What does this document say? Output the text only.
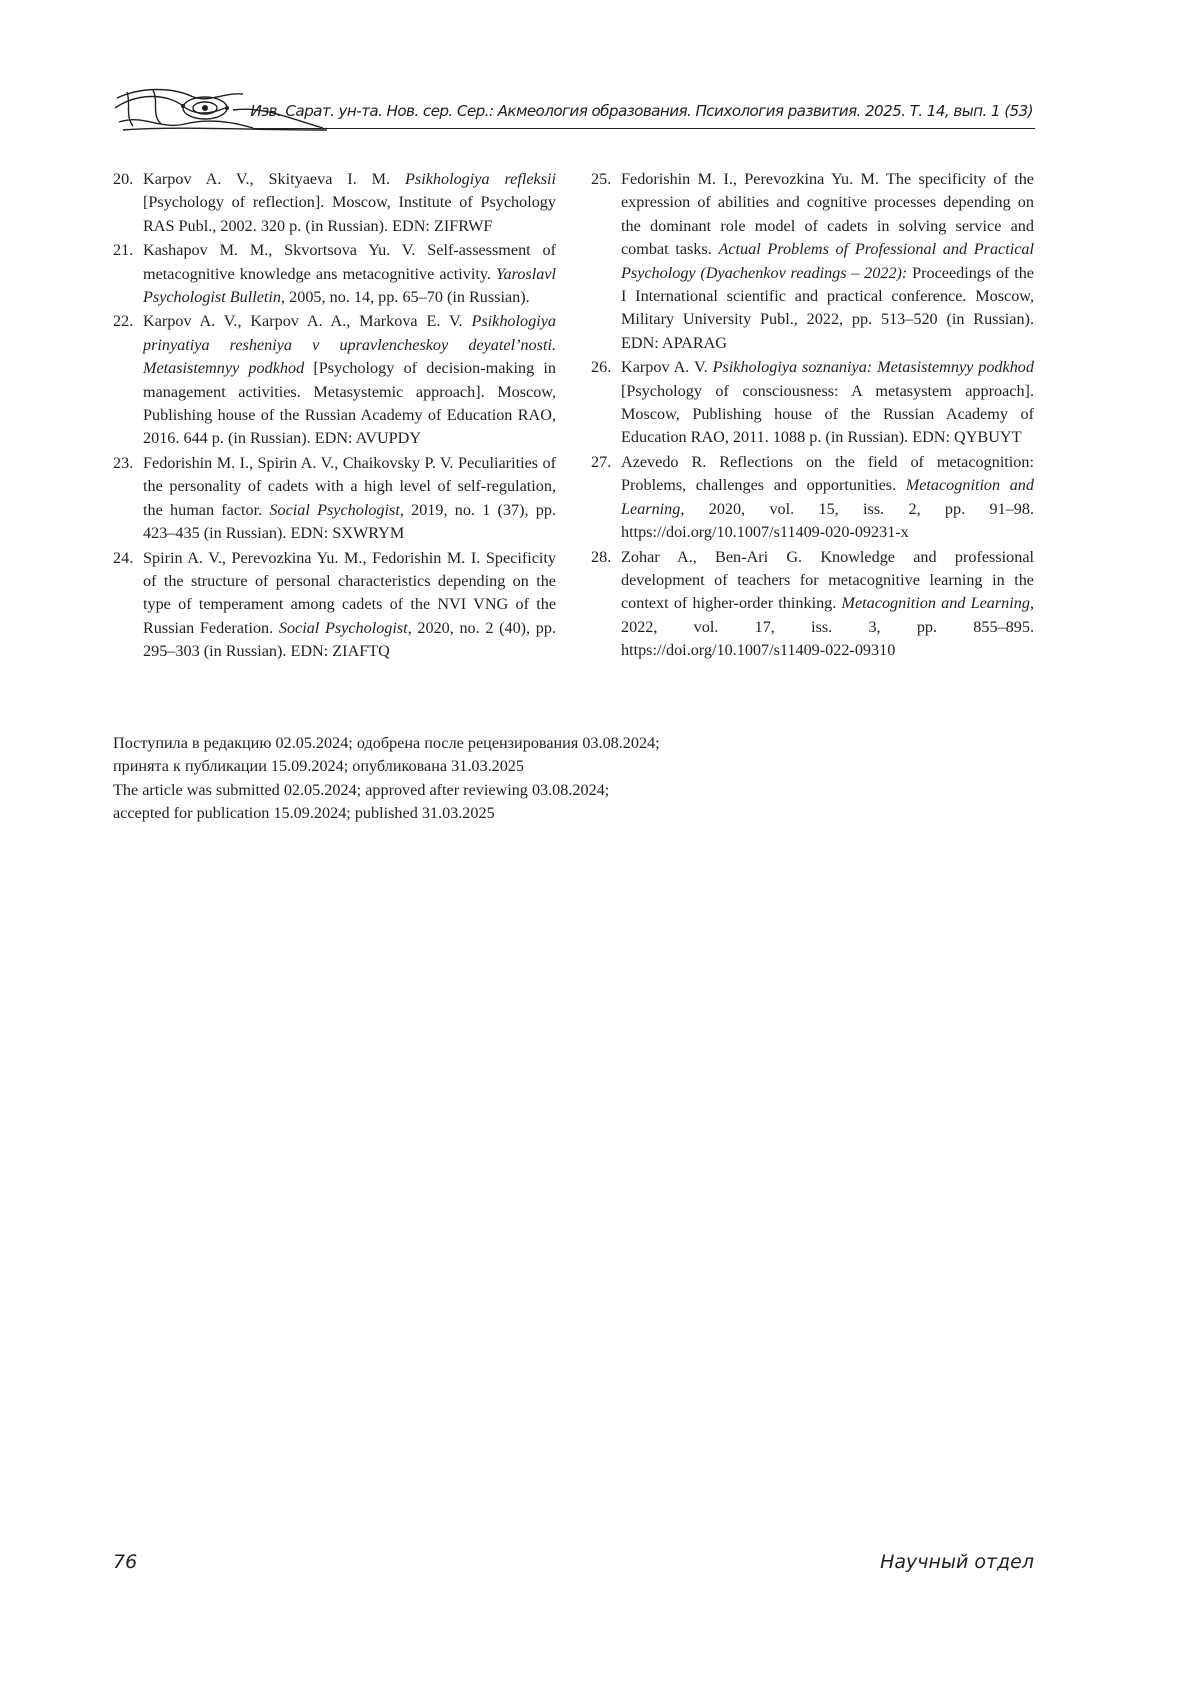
Изв. Сарат. ун-та. Нов. сер. Сер.: Акмеология образования. Психология развития. 2025. Т. 14, вып. 1 (53)
20. Karpov A. V., Skityaeva I. M. Psikhologiya refleksii [Psychology of reflection]. Moscow, Institute of Psychology RAS Publ., 2002. 320 p. (in Russian). EDN: ZIFRWF
21. Kashapov M. M., Skvortsova Yu. V. Self-assessment of metacognitive knowledge ans metacognitive activity. Yaroslavl Psychologist Bulletin, 2005, no. 14, pp. 65–70 (in Russian).
22. Karpov A. V., Karpov A. A., Markova E. V. Psikhologiya prinyatiya resheniya v upravlencheskoy deyatel’nosti. Metasistemnyy podkhod [Psychology of decision-making in management activities. Metasystemic approach]. Moscow, Publishing house of the Russian Academy of Education RAO, 2016. 644 p. (in Russian). EDN: AVUPDY
23. Fedorishin M. I., Spirin A. V., Chaikovsky P. V. Peculiarities of the personality of cadets with a high level of self-regulation, the human factor. Social Psychologist, 2019, no. 1 (37), pp. 423–435 (in Russian). EDN: SXWRYM
24. Spirin A. V., Perevozkina Yu. M., Fedorishin M. I. Specificity of the structure of personal characteristics depending on the type of temperament among cadets of the NVI VNG of the Russian Federation. Social Psychologist, 2020, no. 2 (40), pp. 295–303 (in Russian). EDN: ZIAFTQ
25. Fedorishin M. I., Perevozkina Yu. M. The specificity of the expression of abilities and cognitive processes depending on the dominant role model of cadets in solving service and combat tasks. Actual Problems of Professional and Practical Psychology (Dyachenkov readings – 2022): Proceedings of the I International scientific and practical conference. Moscow, Military University Publ., 2022, pp. 513–520 (in Russian). EDN: APARAG
26. Karpov A. V. Psikhologiya soznaniya: Metasistemnyy podkhod [Psychology of consciousness: A metasystem approach]. Moscow, Publishing house of the Russian Academy of Education RAO, 2011. 1088 p. (in Russian). EDN: QYBUYT
27. Azevedo R. Reflections on the field of metacognition: Problems, challenges and opportunities. Metacognition and Learning, 2020, vol. 15, iss. 2, pp. 91–98. https://doi.org/10.1007/s11409-020-09231-x
28. Zohar A., Ben-Ari G. Knowledge and professional development of teachers for metacognitive learning in the context of higher-order thinking. Metacognition and Learning, 2022, vol. 17, iss. 3, pp. 855–895. https://doi.org/10.1007/s11409-022-09310
Поступила в редакцию 02.05.2024; одобрена после рецензирования 03.08.2024;
принята к публикации 15.09.2024; опубликована 31.03.2025
The article was submitted 02.05.2024; approved after reviewing 03.08.2024;
accepted for publication 15.09.2024; published 31.03.2025
76	Научный отдел
